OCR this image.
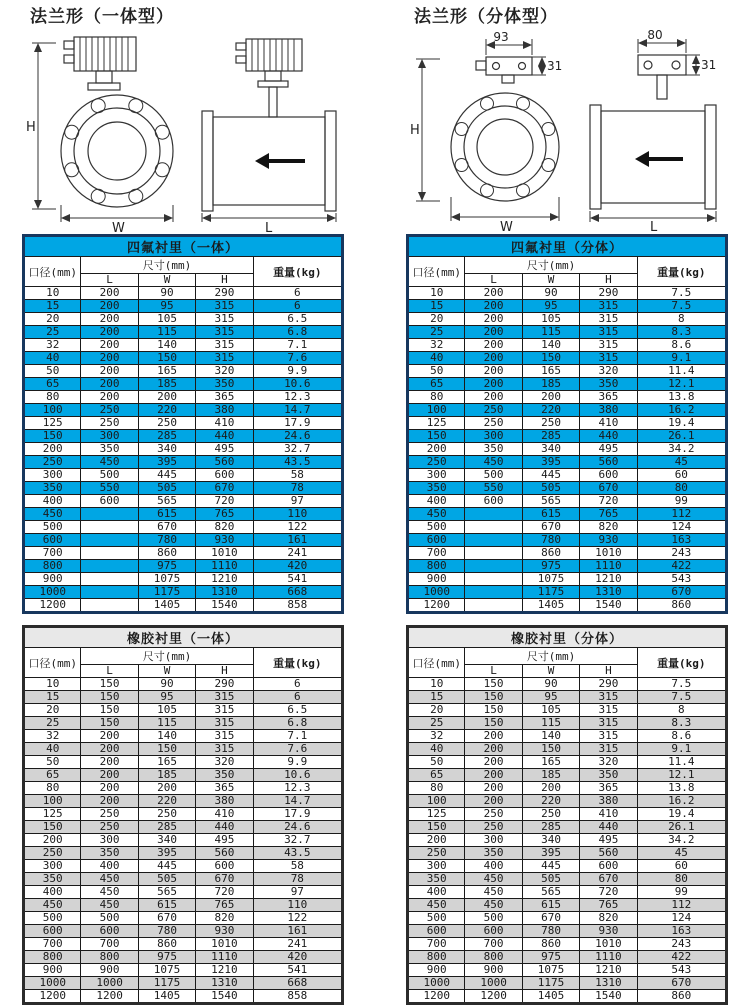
法兰形（一体型）	法兰形（分体型）
H
W	L
93
31
H
W
80
31
L
四氟衬里（一体）				
口径(mm)	尺寸(mm)			重量(kg)
	L	W	H	
10	200	90	290	6
15	200	95	315	6
20	200	105	315	6.5
25	200	115	315	6.8
32	200	140	315	7.1
40	200	150	315	7.6
50	200	165	320	9.9
65	200	185	350	10.6
80	200	200	365	12.3
100	250	220	380	14.7
125	250	250	410	17.9
150	300	285	440	24.6
200	350	340	495	32.7
250	450	395	560	43.5
300	500	445	600	58
350	550	505	670	78
400	600	565	720	97
450		615	765	110
500		670	820	122
600		780	930	161
700		860	1010	241
800		975	1110	420
900		1075	1210	541
1000		1175	1310	668
1200		1405	1540	858
四氟衬里（分体）				
口径(mm)	尺寸(mm)			重量(kg)
	L	W	H	
10	200	90	290	7.5
15	200	95	315	7.5
20	200	105	315	8
25	200	115	315	8.3
32	200	140	315	8.6
40	200	150	315	9.1
50	200	165	320	11.4
65	200	185	350	12.1
80	200	200	365	13.8
100	250	220	380	16.2
125	250	250	410	19.4
150	300	285	440	26.1
200	350	340	495	34.2
250	450	395	560	45
300	500	445	600	60
350	550	505	670	80
400	600	565	720	99
450		615	765	112
500		670	820	124
600		780	930	163
700		860	1010	243
800		975	1110	422
900		1075	1210	543
1000		1175	1310	670
1200		1405	1540	860
橡胶衬里（一体）				
口径(mm)	尺寸(mm)			重量(kg)
	L	W	H	
10	150	90	290	6
15	150	95	315	6
20	150	105	315	6.5
25	150	115	315	6.8
32	200	140	315	7.1
40	200	150	315	7.6
50	200	165	320	9.9
65	200	185	350	10.6
80	200	200	365	12.3
100	200	220	380	14.7
125	250	250	410	17.9
150	250	285	440	24.6
200	300	340	495	32.7
250	350	395	560	43.5
300	400	445	600	58
350	450	505	670	78
400	450	565	720	97
450	450	615	765	110
500	500	670	820	122
600	600	780	930	161
700	700	860	1010	241
800	800	975	1110	420
900	900	1075	1210	541
1000	1000	1175	1310	668
1200	1200	1405	1540	858
橡胶衬里（分体）				
口径(mm)	尺寸(mm)			重量(kg)
	L	W	H	
10	150	90	290	7.5
15	150	95	315	7.5
20	150	105	315	8
25	150	115	315	8.3
32	200	140	315	8.6
40	200	150	315	9.1
50	200	165	320	11.4
65	200	185	350	12.1
80	200	200	365	13.8
100	200	220	380	16.2
125	250	250	410	19.4
150	250	285	440	26.1
200	300	340	495	34.2
250	350	395	560	45
300	400	445	600	60
350	450	505	670	80
400	450	565	720	99
450	450	615	765	112
500	500	670	820	124
600	600	780	930	163
700	700	860	1010	243
800	800	975	1110	422
900	900	1075	1210	543
1000	1000	1175	1310	670
1200	1200	1405	1540	860
